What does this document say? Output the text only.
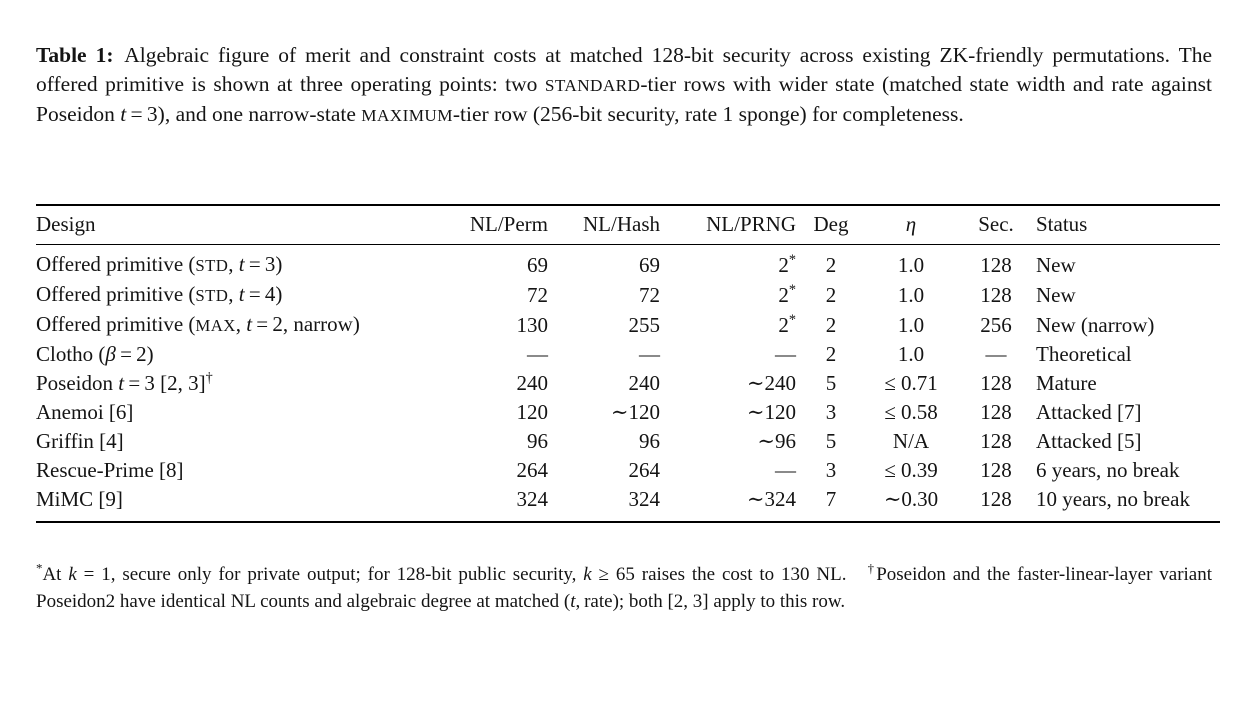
Table 1: Algebraic figure of merit and constraint costs at matched 128-bit security across existing ZK-friendly permutations. The offered primitive is shown at three operating points: two STANDARD-tier rows with wider state (matched state width and rate against Poseidon t = 3), and one narrow-state MAXIMUM-tier row (256-bit security, rate 1 sponge) for completeness.

Design	NL/Perm	NL/Hash	NL/PRNG	Deg	η	Sec.	Status
Offered primitive (STD, t = 3)	69	69	2*	2	1.0	128	New
Offered primitive (STD, t = 4)	72	72	2*	2	1.0	128	New
Offered primitive (MAX, t = 2, narrow)	130	255	2*	2	1.0	256	New (narrow)
Clotho (β = 2)	—	—	—	2	1.0	—	Theoretical
Poseidon t = 3 [2, 3]†	240	240	∼240	5	≤ 0.71	128	Mature
Anemoi [6]	120	∼120	∼120	3	≤ 0.58	128	Attacked [7]
Griffin [4]	96	96	∼96	5	N/A	128	Attacked [5]
Rescue-Prime [8]	264	264	—	3	≤ 0.39	128	6 years, no break
MiMC [9]	324	324	∼324	7	∼0.30	128	10 years, no break

*At k = 1, secure only for private output; for 128-bit public security, k ≥ 65 raises the cost to 130 NL. †Poseidon and the faster-linear-layer variant Poseidon2 have identical NL counts and algebraic degree at matched (t, rate); both [2, 3] apply to this row.
